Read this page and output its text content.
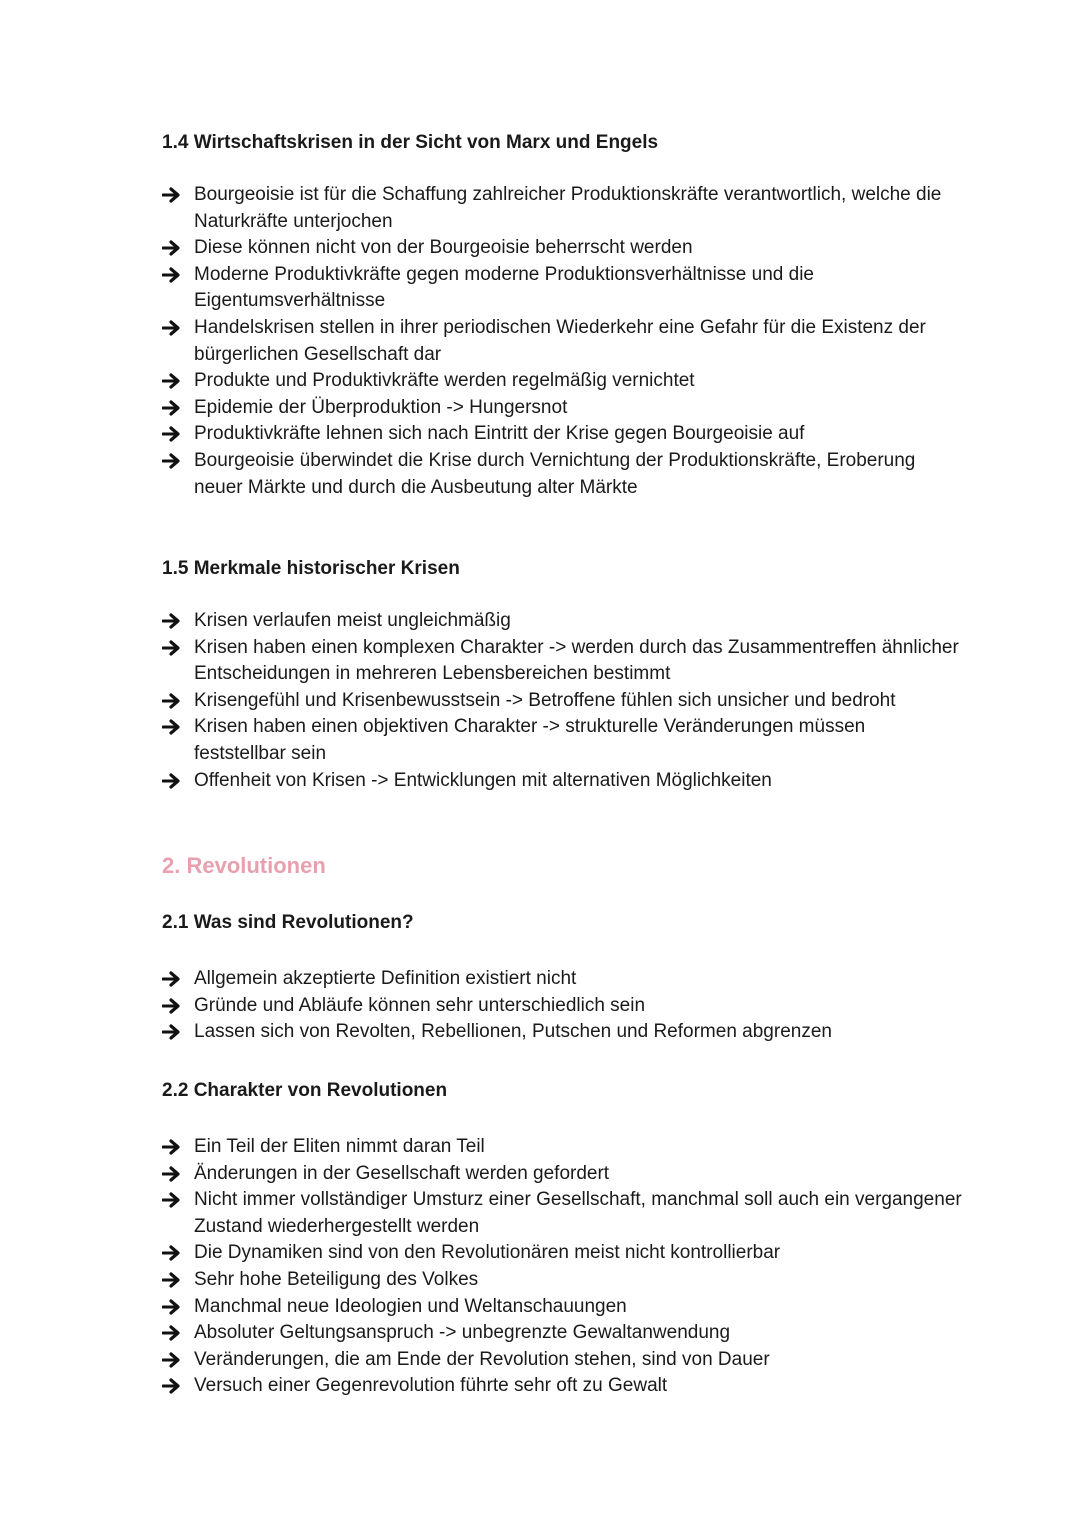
1.4 Wirtschaftskrisen in der Sicht von Marx und Engels
Bourgeoisie ist für die Schaffung zahlreicher Produktionskräfte verantwortlich, welche die Naturkräfte unterjochen
Diese können nicht von der Bourgeoisie beherrscht werden
Moderne Produktivkräfte gegen moderne Produktionsverhältnisse und die Eigentumsverhältnisse
Handelskrisen stellen in ihrer periodischen Wiederkehr eine Gefahr für die Existenz der bürgerlichen Gesellschaft dar
Produkte und Produktivkräfte werden regelmäßig vernichtet
Epidemie der Überproduktion -> Hungersnot
Produktivkräfte lehnen sich nach Eintritt der Krise gegen Bourgeoisie auf
Bourgeoisie überwindet die Krise durch Vernichtung der Produktionskräfte, Eroberung neuer Märkte und durch die Ausbeutung alter Märkte
1.5 Merkmale historischer Krisen
Krisen verlaufen meist ungleichmäßig
Krisen haben einen komplexen Charakter -> werden durch das Zusammentreffen ähnlicher Entscheidungen in mehreren Lebensbereichen bestimmt
Krisengefühl und Krisenbewusstsein -> Betroffene fühlen sich unsicher und bedroht
Krisen haben einen objektiven Charakter -> strukturelle Veränderungen müssen feststellbar sein
Offenheit von Krisen -> Entwicklungen mit alternativen Möglichkeiten
2. Revolutionen
2.1 Was sind Revolutionen?
Allgemein akzeptierte Definition existiert nicht
Gründe und Abläufe können sehr unterschiedlich sein
Lassen sich von Revolten, Rebellionen, Putschen und Reformen abgrenzen
2.2 Charakter von Revolutionen
Ein Teil der Eliten nimmt daran Teil
Änderungen in der Gesellschaft werden gefordert
Nicht immer vollständiger Umsturz einer Gesellschaft, manchmal soll auch ein vergangener Zustand wiederhergestellt werden
Die Dynamiken sind von den Revolutionären meist nicht kontrollierbar
Sehr hohe Beteiligung des Volkes
Manchmal neue Ideologien und Weltanschauungen
Absoluter Geltungsanspruch -> unbegrenzte Gewaltanwendung
Veränderungen, die am Ende der Revolution stehen, sind von Dauer
Versuch einer Gegenrevolution führte sehr oft zu Gewalt
